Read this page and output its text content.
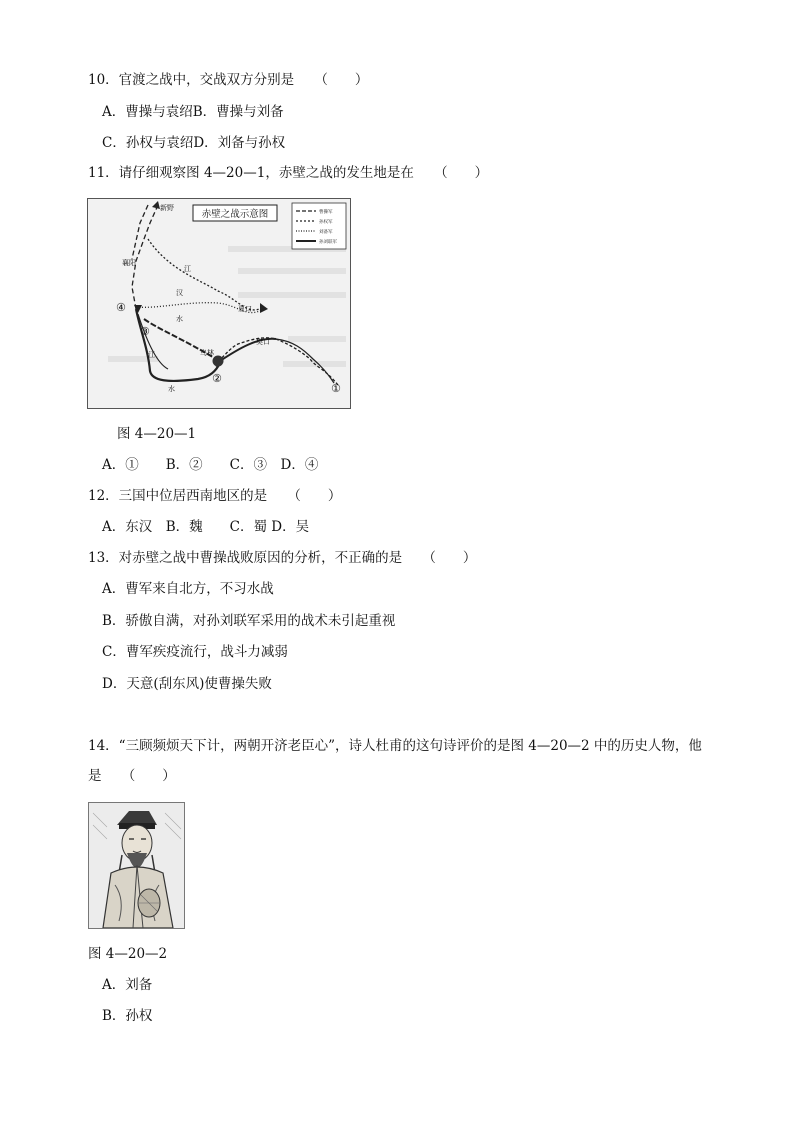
10．官渡之战中，交战双方分别是　　（　　）
A．曹操与袁绍B．曹操与刘备
C．孙权与袁绍D．刘备与孙权
11．请仔细观察图 4—20—1，赤壁之战的发生地是在　　（　　）
赤壁之战示意图	曹操军
孙权军
刘备军
孙刘联军
新野
襄阳
汉
夏口
樊口
乌林
江
水
江
水
①
②
③
④
图 4—20—1
A．①　　B．②　　C．③　D．④
12．三国中位居西南地区的是　　（　　）
A．东汉　B．魏　　C．蜀 D．吴
13．对赤壁之战中曹操战败原因的分析，不正确的是　　（　　）
A．曹军来自北方，不习水战
B．骄傲自满，对孙刘联军采用的战术未引起重视
C．曹军疾疫流行，战斗力减弱
D．天意(刮东风)使曹操失败
14．“三顾频烦天下计，两朝开济老臣心”，诗人杜甫的这句诗评价的是图 4—20—2 中的历史人物，他
是　　（　　）
图 4—20—2
A．刘备
B．孙权
